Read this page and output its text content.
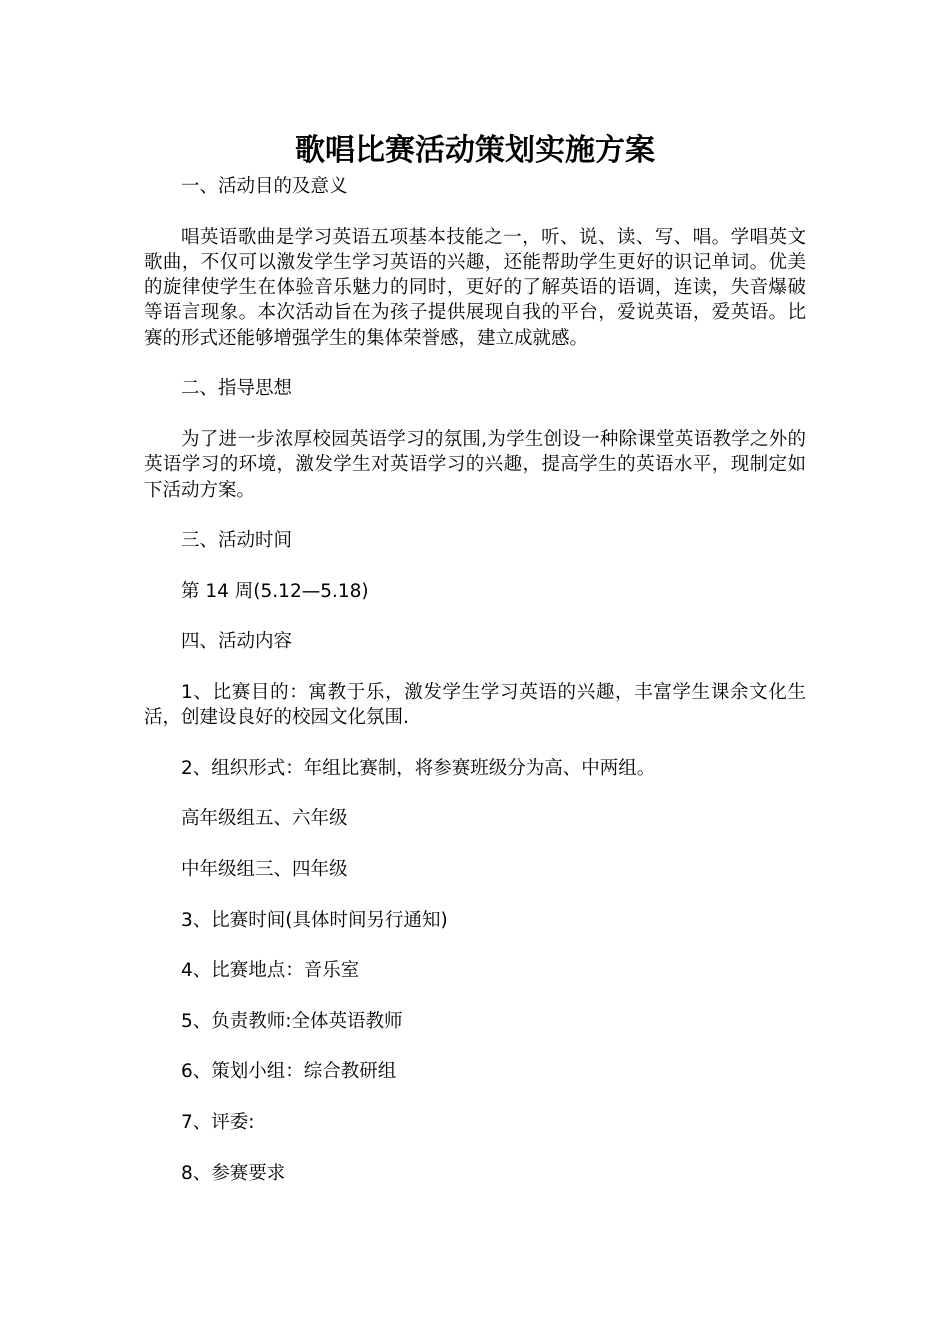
歌唱比赛活动策划实施方案

一、活动目的及意义

唱英语歌曲是学习英语五项基本技能之一，听、说、读、写、唱。学唱英文歌曲，不仅可以激发学生学习英语的兴趣，还能帮助学生更好的识记单词。优美的旋律使学生在体验音乐魅力的同时，更好的了解英语的语调，连读，失音爆破等语言现象。本次活动旨在为孩子提供展现自我的平台，爱说英语，爱英语。比赛的形式还能够增强学生的集体荣誉感，建立成就感。

二、指导思想

为了进一步浓厚校园英语学习的氛围,为学生创设一种除课堂英语教学之外的英语学习的环境，激发学生对英语学习的兴趣，提高学生的英语水平，现制定如下活动方案。

三、活动时间

第 14 周(5.12—5.18)

四、活动内容

1、比赛目的：寓教于乐，激发学生学习英语的兴趣，丰富学生课余文化生活，创建设良好的校园文化氛围.

2、组织形式：年组比赛制，将参赛班级分为高、中两组。

高年级组五、六年级

中年级组三、四年级

3、比赛时间(具体时间另行通知)

4、比赛地点：音乐室

5、负责教师:全体英语教师

6、策划小组：综合教研组

7、评委:

8、参赛要求
